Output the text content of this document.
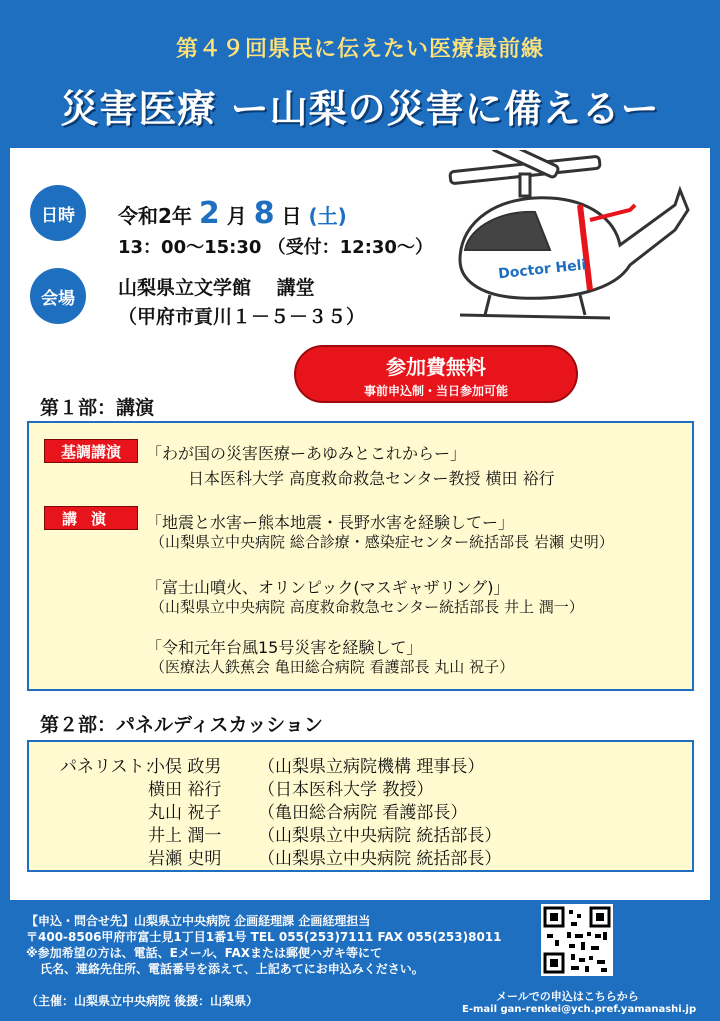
第４９回県民に伝えたい医療最前線
災害医療 ー山梨の災害に備えるー
日時	令和2年 2 月 8 日 (土)
13：00～15:30 （受付：12:30～）
会場	山梨県立文学館　 講堂
（甲府市貢川１－５－３５）
Doctor Heli
参加費無料
事前申込制・当日参加可能
第１部：講演
基調講演	「わが国の災害医療ーあゆみとこれからー」
日本医科大学 高度救命救急センター教授 横田 裕行
講演	「地震と水害ー熊本地震・長野水害を経験してー」
（山梨県立中央病院 総合診療・感染症センター統括部長 岩瀬 史明）
「富士山噴火、オリンピック(マスギャザリング)」
（山梨県立中央病院 高度救命救急センター統括部長 井上 潤一）
「令和元年台風15号災害を経験して」
（医療法人鉄蕉会 亀田総合病院 看護部長 丸山 祝子）
第２部：パネルディスカッション
パネリスト：
小俣 政男 （山梨県立病院機構 理事長）
横田 裕行 （日本医科大学 教授）
丸山 祝子 （亀田総合病院 看護部長）
井上 潤一 （山梨県立中央病院 統括部長）
岩瀬 史明 （山梨県立中央病院 統括部長）
【申込・問合せ先】山梨県立中央病院 企画経理課 企画経理担当
〒400-8506甲府市富士見1丁目1番1号 TEL 055(253)7111 FAX 055(253)8011
※参加希望の方は、電話、Eメール、FAXまたは郵便ハガキ等にて
氏名、連絡先住所、電話番号を添えて、上記あてにお申込みください。
（主催：山梨県立中央病院 後援：山梨県）	メールでの申込はこちらから
E-mail gan-renkei@ych.pref.yamanashi.jp
